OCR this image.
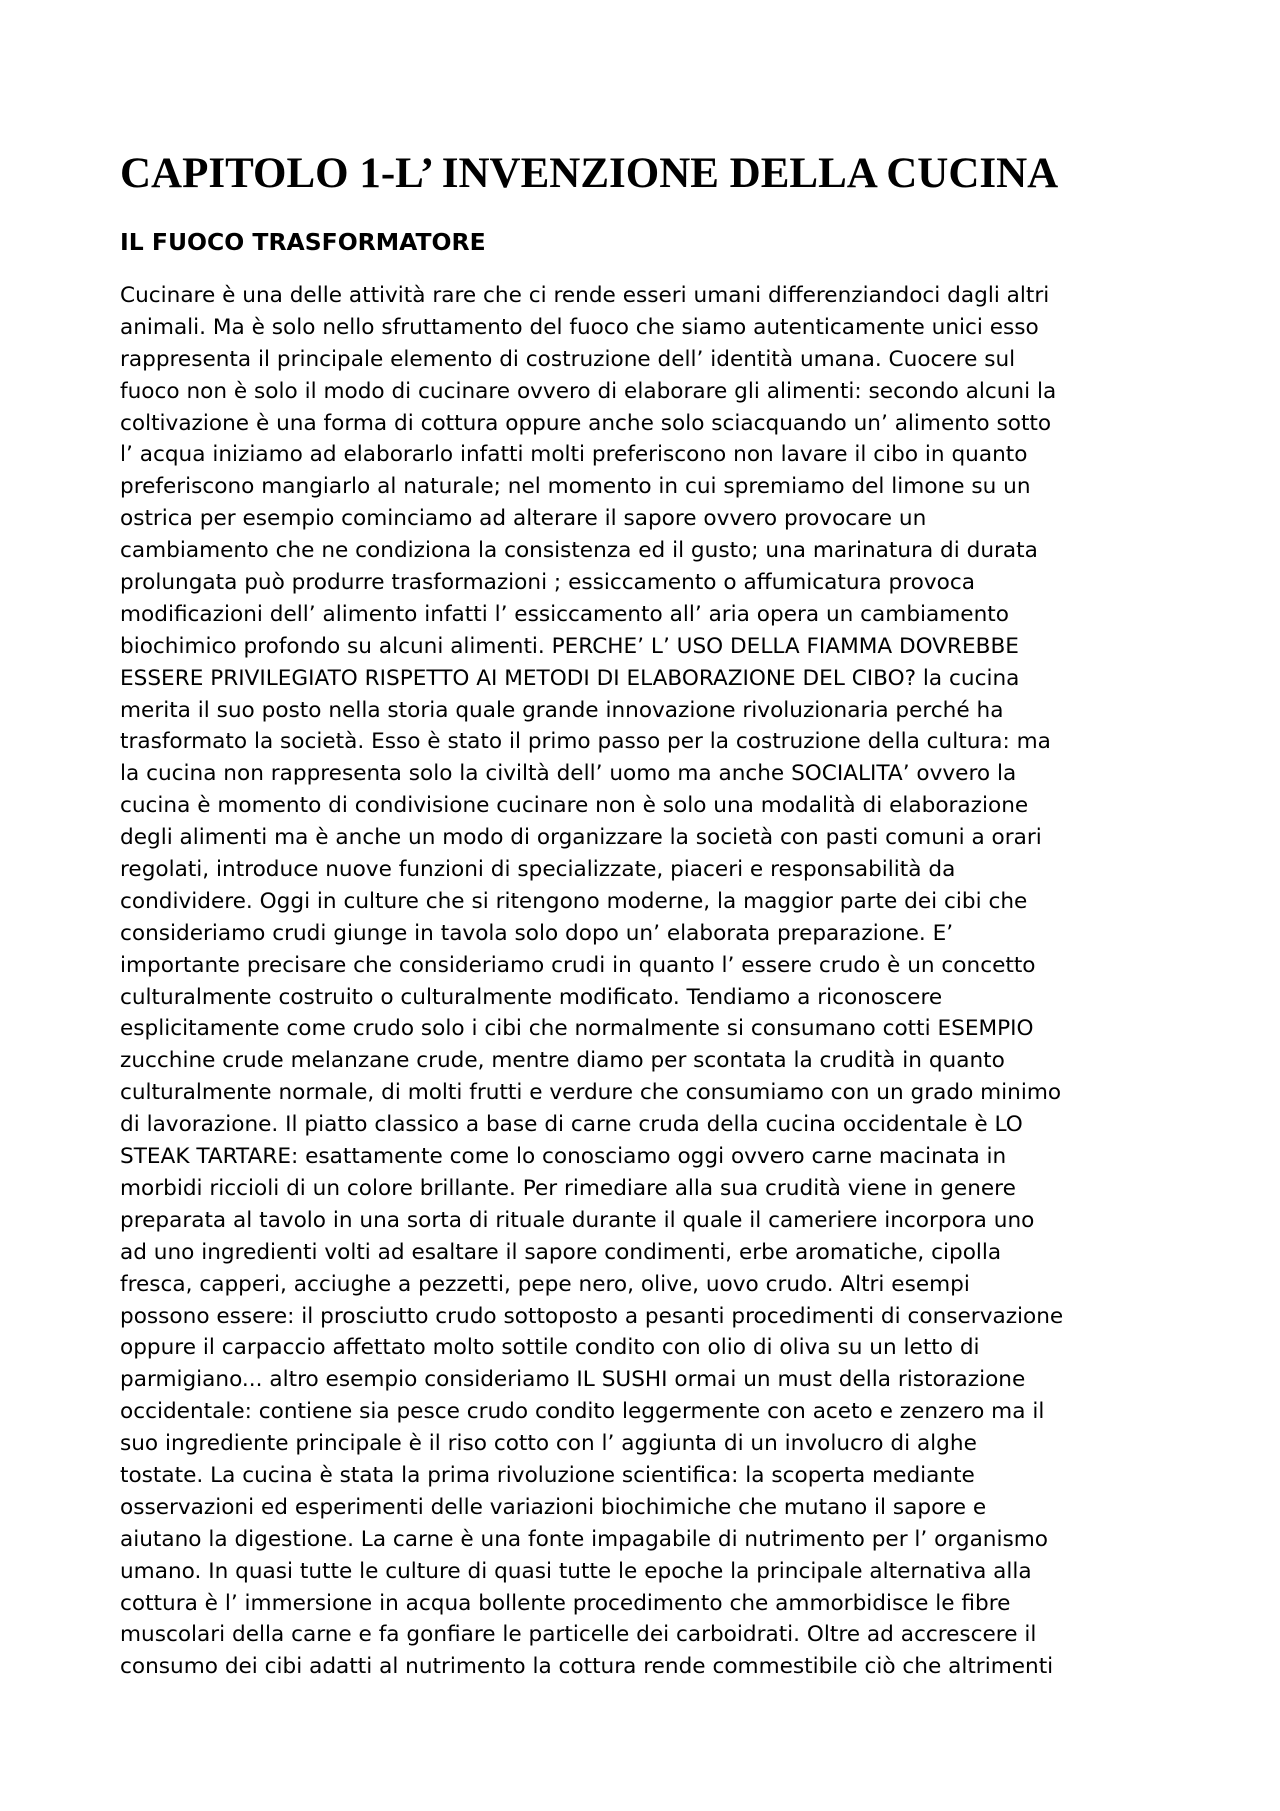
CAPITOLO 1-L’ INVENZIONE DELLA CUCINA
IL FUOCO TRASFORMATORE
Cucinare è una delle attività rare che ci rende esseri umani differenziandoci dagli altri
animali. Ma è solo nello sfruttamento del fuoco che siamo autenticamente unici esso
rappresenta il principale elemento di costruzione dell’ identità umana. Cuocere sul
fuoco non è solo il modo di cucinare ovvero di elaborare gli alimenti: secondo alcuni la
coltivazione è una forma di cottura oppure anche solo sciacquando un’ alimento sotto
l’ acqua iniziamo ad elaborarlo infatti molti preferiscono non lavare il cibo in quanto
preferiscono mangiarlo al naturale; nel momento in cui spremiamo del limone su un
ostrica per esempio cominciamo ad alterare il sapore ovvero provocare un
cambiamento che ne condiziona la consistenza ed il gusto; una marinatura di durata
prolungata può produrre trasformazioni ; essiccamento o affumicatura provoca
modificazioni dell’ alimento infatti l’ essiccamento all’ aria opera un cambiamento
biochimico profondo su alcuni alimenti. PERCHE’ L’ USO DELLA FIAMMA DOVREBBE
ESSERE PRIVILEGIATO RISPETTO AI METODI DI ELABORAZIONE DEL CIBO? la cucina
merita il suo posto nella storia quale grande innovazione rivoluzionaria perché ha
trasformato la società. Esso è stato il primo passo per la costruzione della cultura: ma
la cucina non rappresenta solo la civiltà dell’ uomo ma anche SOCIALITA’ ovvero la
cucina è momento di condivisione cucinare non è solo una modalità di elaborazione
degli alimenti ma è anche un modo di organizzare la società con pasti comuni a orari
regolati, introduce nuove funzioni di specializzate, piaceri e responsabilità da
condividere. Oggi in culture che si ritengono moderne, la maggior parte dei cibi che
consideriamo crudi giunge in tavola solo dopo un’ elaborata preparazione. E’
importante precisare che consideriamo crudi in quanto l’ essere crudo è un concetto
culturalmente costruito o culturalmente modificato. Tendiamo a riconoscere
esplicitamente come crudo solo i cibi che normalmente si consumano cotti ESEMPIO
zucchine crude melanzane crude, mentre diamo per scontata la crudità in quanto
culturalmente normale, di molti frutti e verdure che consumiamo con un grado minimo
di lavorazione. Il piatto classico a base di carne cruda della cucina occidentale è LO
STEAK TARTARE: esattamente come lo conosciamo oggi ovvero carne macinata in
morbidi riccioli di un colore brillante. Per rimediare alla sua crudità viene in genere
preparata al tavolo in una sorta di rituale durante il quale il cameriere incorpora uno
ad uno ingredienti volti ad esaltare il sapore condimenti, erbe aromatiche, cipolla
fresca, capperi, acciughe a pezzetti, pepe nero, olive, uovo crudo. Altri esempi
possono essere: il prosciutto crudo sottoposto a pesanti procedimenti di conservazione
oppure il carpaccio affettato molto sottile condito con olio di oliva su un letto di
parmigiano... altro esempio consideriamo IL SUSHI ormai un must della ristorazione
occidentale: contiene sia pesce crudo condito leggermente con aceto e zenzero ma il
suo ingrediente principale è il riso cotto con l’ aggiunta di un involucro di alghe
tostate. La cucina è stata la prima rivoluzione scientifica: la scoperta mediante
osservazioni ed esperimenti delle variazioni biochimiche che mutano il sapore e
aiutano la digestione. La carne è una fonte impagabile di nutrimento per l’ organismo
umano. In quasi tutte le culture di quasi tutte le epoche la principale alternativa alla
cottura è l’ immersione in acqua bollente procedimento che ammorbidisce le fibre
muscolari della carne e fa gonfiare le particelle dei carboidrati. Oltre ad accrescere il
consumo dei cibi adatti al nutrimento la cottura rende commestibile ciò che altrimenti
